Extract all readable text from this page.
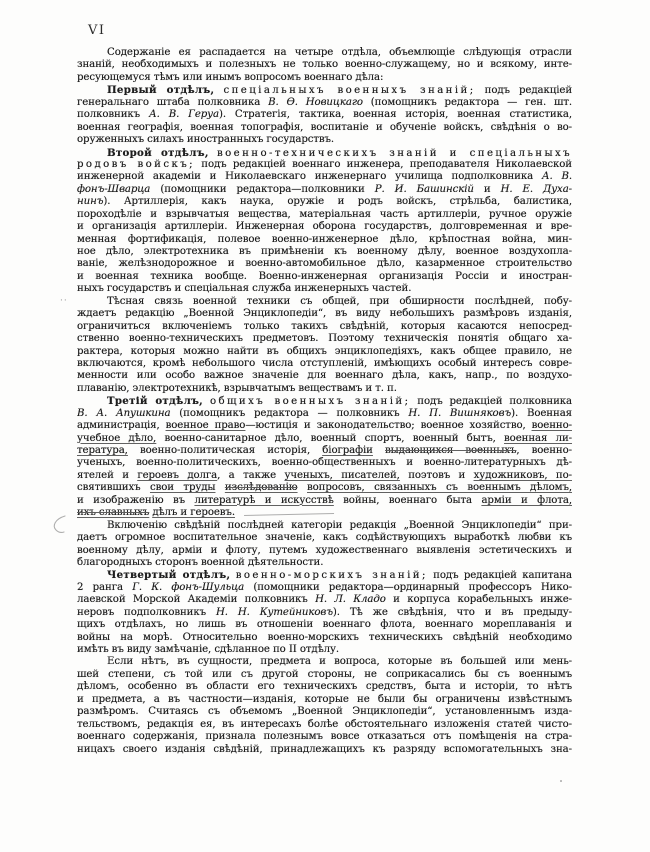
VI
Содержаніе ея распадается на четыре отдѣла, объемлющіе слѣдующія отрасли
знаній, необходимыхъ и полезныхъ не только военно-служащему, но и всякому, инте-
ресующемуся тѣмъ или инымъ вопросомъ военнаго дѣла:
Первый отдѣлъ, спеціальныхъ военныхъ знаній; подъ редакціей
генеральнаго штаба полковника В. Ѳ. Новицкаго (помощникъ редактора — ген. шт.
полковникъ А. В. Геруа). Стратегія, тактика, военная исторія, военная статистика,
военная географія, военная топографія, воспитаніе и обученіе войскъ, свѣдѣнія о во-
оруженныхъ силахъ иностранныхъ государствъ.
Второй отдѣлъ, военно-техническихъ знаній и спеціальныхъ
родовъ войскъ; подъ редакціей военнаго инженера, преподавателя Николаевской
инженерной академіи и Николаевскаго инженернаго училища подполковника А. В.
фонъ-Шварца (помощники редактора—полковники Р. И. Башинскій и Н. Е. Духа-
нинъ). Артиллерія, какъ наука, оружіе и родъ войскъ, стрѣльба, балистика,
пороходѣліе и взрывчатыя вещества, матеріальная часть артиллеріи, ручное оружіе
и организація артиллеріи. Инженерная оборона государствъ, долговременная и вре-
менная фортификація, полевое военно-инженерное дѣло, крѣпостная война, мин-
ное дѣло, электротехника въ примѣненіи къ военному дѣлу, военное воздухопла-
ваніе, желѣзнодорожное и военно-автомобильное дѣло, казарменное строительство
и военная техника вообще. Военно-инженерная организація Россіи и иностран-
ныхъ государствъ и спеціальная служба инженерныхъ частей.
Тѣсная связь военной техники съ общей, при обширности послѣдней, побу-
ждаетъ редакцію „Военной Энциклопедіи“, въ виду небольшихъ размѣровъ изданія,
ограничиться включеніемъ только такихъ свѣдѣній, которыя касаются непосред-
ственно военно-техническихъ предметовъ. Поэтому техническія понятія общаго ха-
рактера, которыя можно найти въ общихъ энциклопедіяхъ, какъ общее правило, не
включаются, кромѣ небольшого числа отступленій, имѣющихъ особый интересъ совре-
менности или особо важное значеніе для военнаго дѣла, какъ, напр., по воздухо-
плаванію, электротехникѣ, взрывчатымъ веществамъ и т. п.
Третій отдѣлъ, общихъ военныхъ знаній; подъ редакціей полковника
В. А. Апушкина (помощникъ редактора — полковникъ Н. П. Вишняковъ). Военная
администрація, военное право—юстиція и законодательство; военное хозяйство, военно-
учебное дѣло, военно-санитарное дѣло, военный спортъ, военный бытъ, военная ли-
тература, военно-политическая исторія, біографіи выдающихся военныхъ, военно-
ученыхъ, военно-политическихъ, военно-общественныхъ и военно-литературныхъ дѣ-
ятелей и героевъ долга, а также ученыхъ, писателей, поэтовъ и художниковъ, по-
святившихъ свои труды изслѣдованію вопросовъ, связанныхъ съ военнымъ дѣломъ,
и изображенію въ литературѣ и искусствѣ войны, военнаго быта арміи и флота,
ихъ славныхъ дѣлъ и героевъ.
Включенію свѣдѣній послѣдней категоріи редакція „Военной Энциклопедіи“ при-
даетъ огромное воспитательное значеніе, какъ содѣйствующихъ выработкѣ любви къ
военному дѣлу, арміи и флоту, путемъ художественнаго выявленія эстетическихъ и
благородныхъ сторонъ военной дѣятельности.
Четвертый отдѣлъ, военно-морскихъ знаній; подъ редакціей капитана
2 ранга Г. К. фонъ-Шульца (помощники редактора—ординарный профессоръ Нико-
лаевской Морской Академіи полковникъ Н. Л. Кладо и корпуса корабельныхъ инже-
неровъ подполковникъ Н. Н. Кутейниковъ). Тѣ же свѣдѣнія, что и въ предыду-
щихъ отдѣлахъ, но лишь въ отношеніи военнаго флота, военнаго мореплаванія и
войны на морѣ. Относительно военно-морскихъ техническихъ свѣдѣній необходимо
имѣть въ виду замѣчаніе, сдѣланное по II отдѣлу.
Если нѣтъ, въ сущности, предмета и вопроса, которые въ большей или мень-
шей степени, съ той или съ другой стороны, не соприкасались бы съ военнымъ
дѣломъ, особенно въ области его техническихъ средствъ, быта и исторіи, то нѣтъ
и предмета, а въ частности—изданія, которые не были бы ограничены извѣстнымъ
размѣромъ. Считаясь съ объемомъ „Военной Энциклопедіи“, установленнымъ изда-
тельствомъ, редакція ея, въ интересахъ болѣе обстоятельнаго изложенія статей чисто-
военнаго содержанія, признала полезнымъ вовсе отказаться отъ помѣщенія на стра-
ницахъ своего изданія свѣдѣній, принадлежащихъ къ разряду вспомогательныхъ зна-
··
